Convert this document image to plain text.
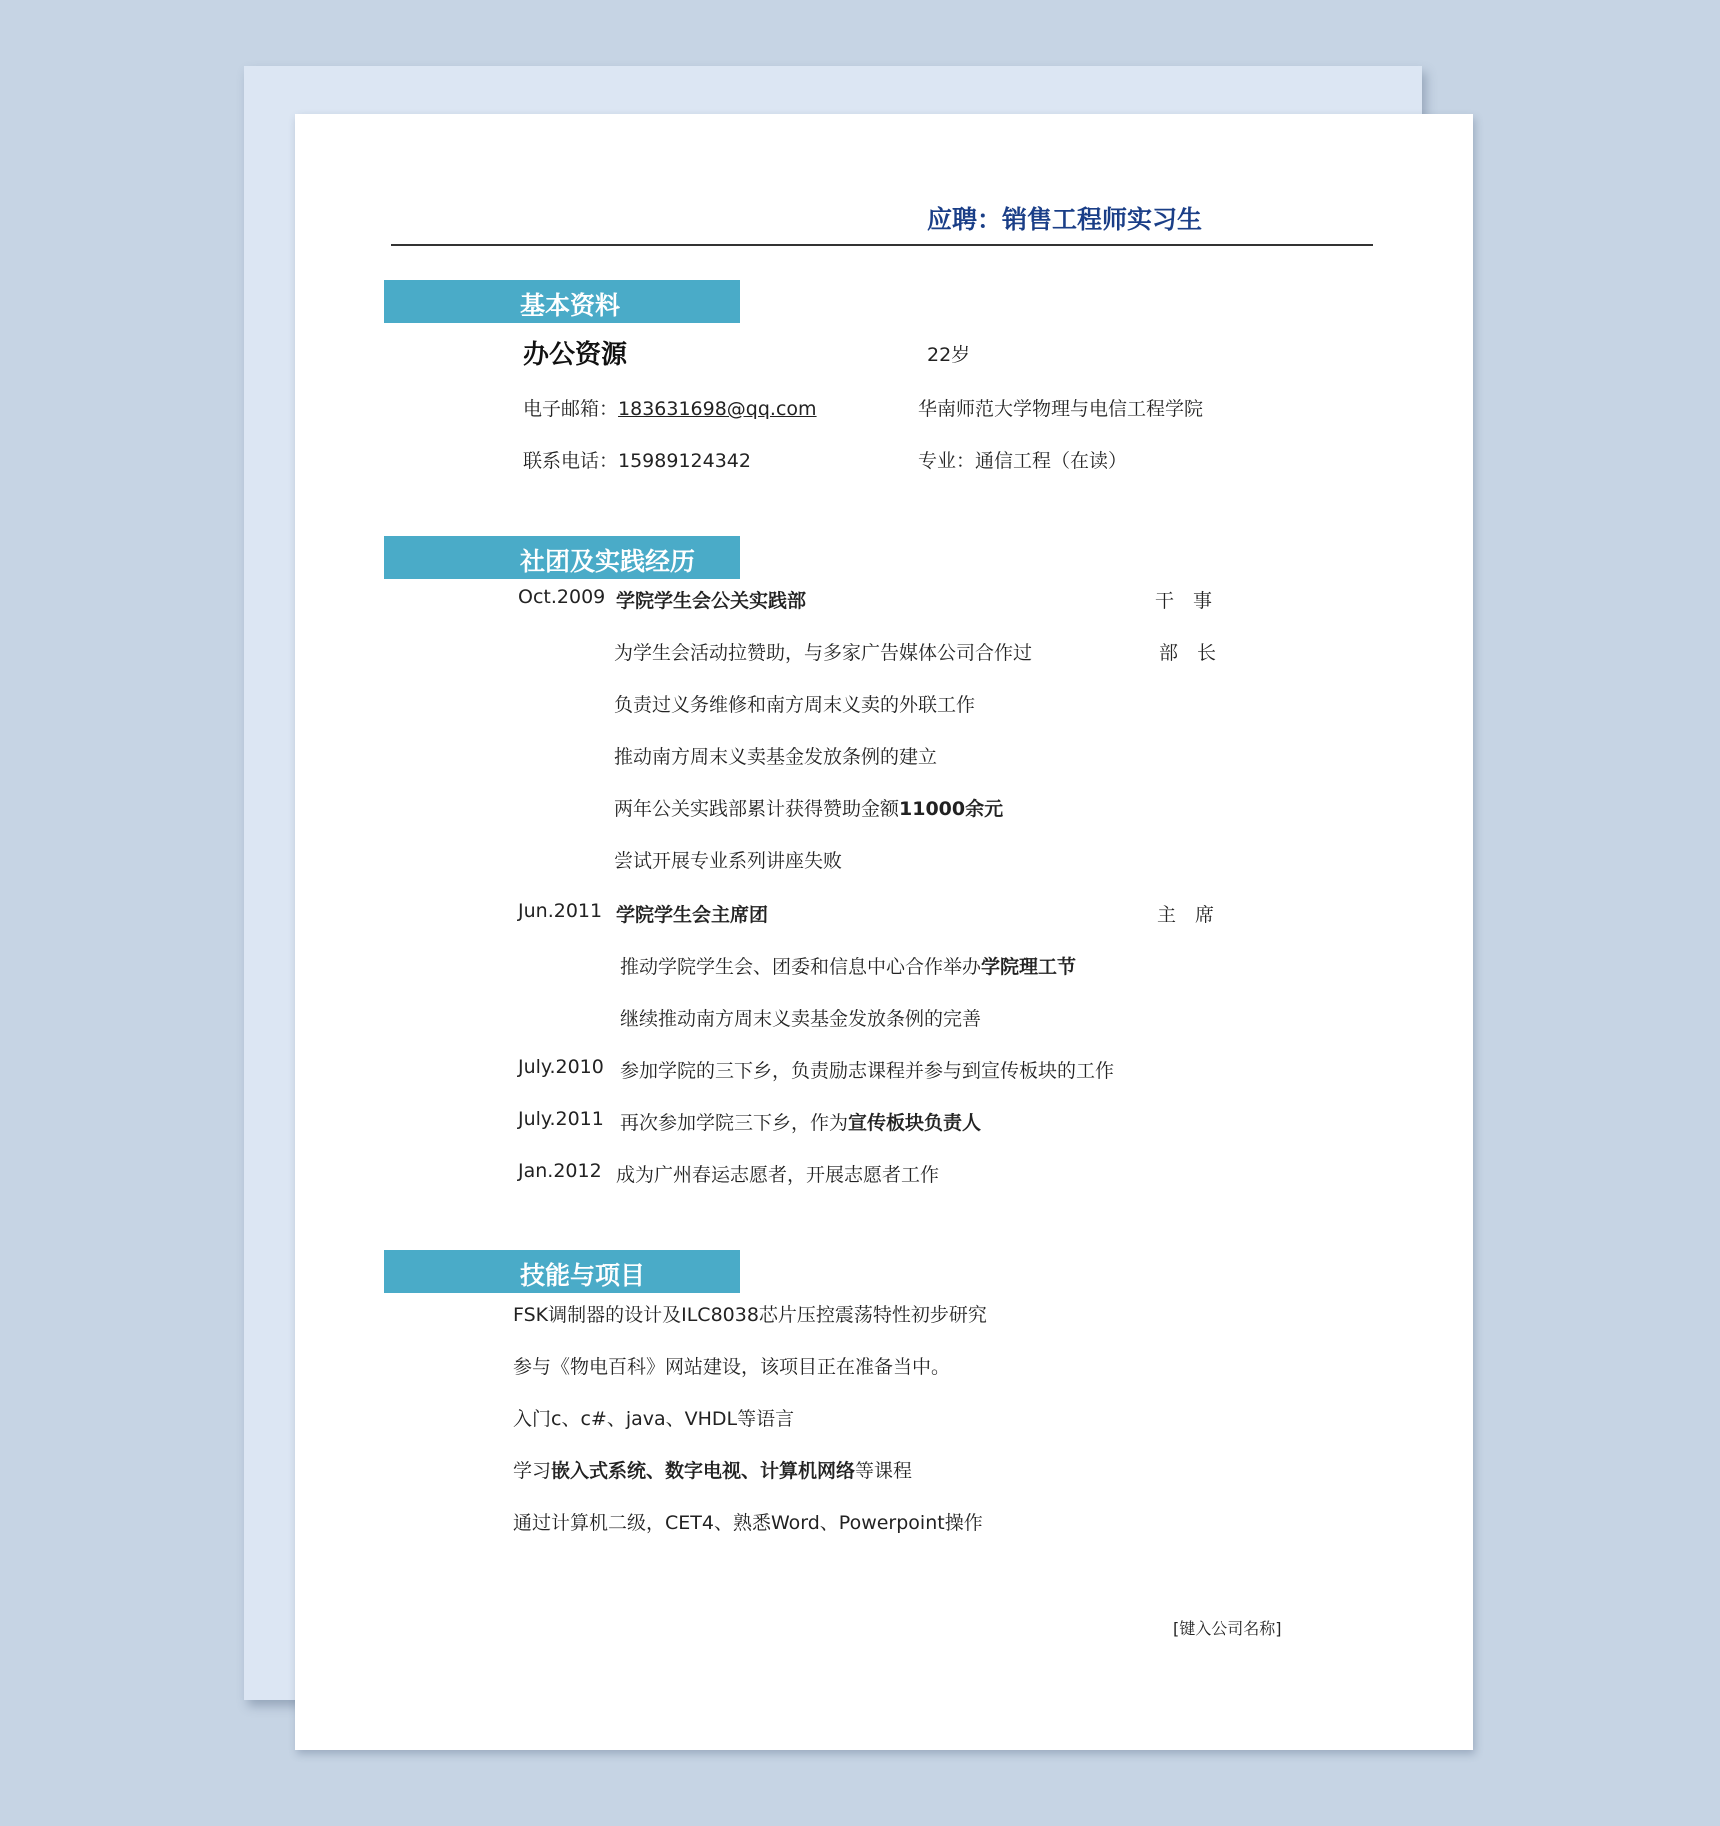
应聘：销售工程师实习生
基本资料
办公资源	22岁
电子邮箱：183631698@qq.com	华南师范大学物理与电信工程学院
联系电话：15989124342	专业：通信工程（在读）
社团及实践经历
Oct.2009 学院学生会公关实践部	干　事
为学生会活动拉赞助，与多家广告媒体公司合作过	部　长
负责过义务维修和南方周末义卖的外联工作
推动南方周末义卖基金发放条例的建立
两年公关实践部累计获得赞助金额11000余元
尝试开展专业系列讲座失败
Jun.2011 学院学生会主席团	主　席
推动学院学生会、团委和信息中心合作举办学院理工节
继续推动南方周末义卖基金发放条例的完善
July.2010 参加学院的三下乡，负责励志课程并参与到宣传板块的工作
July.2011 再次参加学院三下乡，作为宣传板块负责人
Jan.2012 成为广州春运志愿者，开展志愿者工作
技能与项目
FSK调制器的设计及ILC8038芯片压控震荡特性初步研究
参与《物电百科》网站建设，该项目正在准备当中。
入门c、c#、java、VHDL等语言
学习嵌入式系统、数字电视、计算机网络等课程
通过计算机二级，CET4、熟悉Word、Powerpoint操作
[键入公司名称]
